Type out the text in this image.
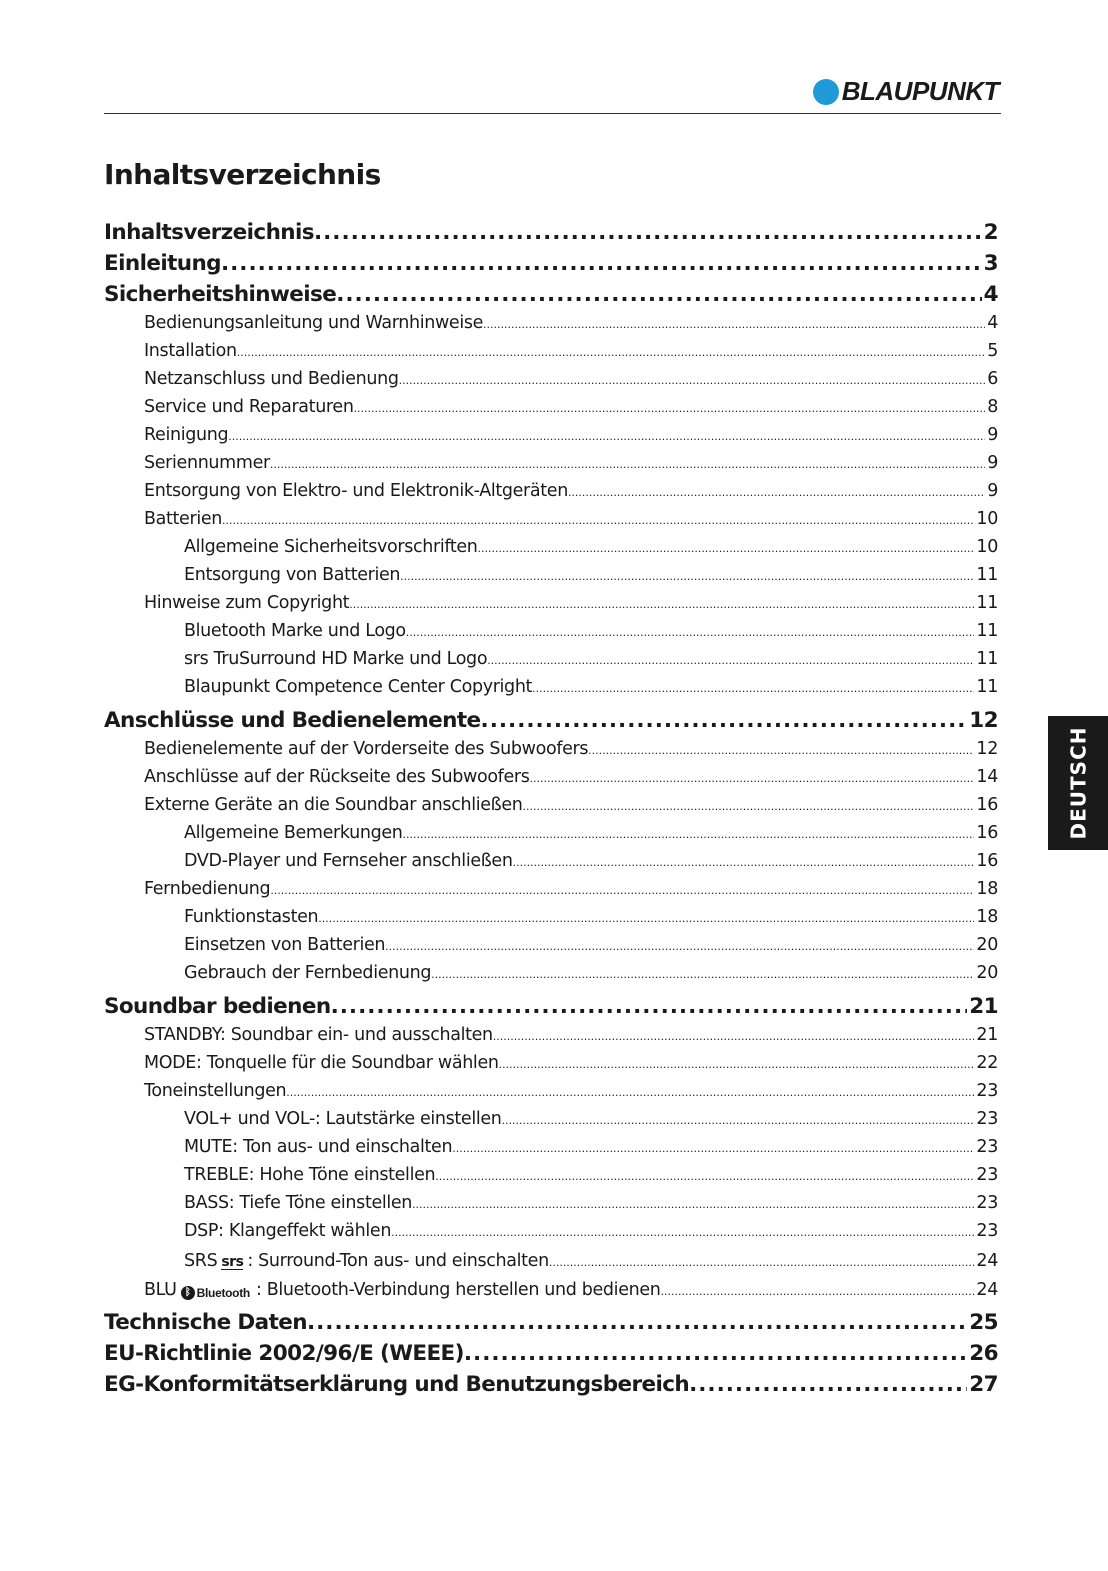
BLAUPUNKT
Inhaltsverzeichnis
Inhaltsverzeichnis .....	2
Einleitung .....	3
Sicherheitshinweise .....	4
Bedienungsanleitung und Warnhinweise .....	4
Installation .....	5
Netzanschluss und Bedienung .....	6
Service und Reparaturen .....	8
Reinigung .....	9
Seriennummer .....	9
Entsorgung von Elektro- und Elektronik-Altgeräten .....	9
Batterien .....	10
Allgemeine Sicherheitsvorschriften .....	10
Entsorgung von Batterien .....	11
Hinweise zum Copyright .....	11
Bluetooth Marke und Logo .....	11
srs TruSurround HD Marke und Logo .....	11
Blaupunkt Competence Center Copyright .....	11
Anschlüsse und Bedienelemente .....	12
Bedienelemente auf der Vorderseite des Subwoofers .....	12
Anschlüsse auf der Rückseite des Subwoofers .....	14
Externe Geräte an die Soundbar anschließen .....	16
Allgemeine Bemerkungen .....	16
DVD-Player und Fernseher anschließen .....	16
Fernbedienung .....	18
Funktionstasten .....	18
Einsetzen von Batterien .....	20
Gebrauch der Fernbedienung .....	20
Soundbar bedienen .....	21
STANDBY: Soundbar ein- und ausschalten .....	21
MODE: Tonquelle für die Soundbar wählen .....	22
Toneinstellungen .....	23
VOL+ und VOL-: Lautstärke einstellen .....	23
MUTE: Ton aus- und einschalten .....	23
TREBLE: Hohe Töne einstellen .....	23
BASS: Tiefe Töne einstellen .....	23
DSP: Klangeffekt wählen .....	23
SRS srs : Surround-Ton aus- und einschalten .....	24
BLU ᛒ Bluetooth : Bluetooth-Verbindung herstellen und bedienen .....	24
Technische Daten .....	25
EU-Richtlinie 2002/96/E (WEEE) .....	26
EG-Konformitätserklärung und Benutzungsbereich .....	27
DEUTSCH
